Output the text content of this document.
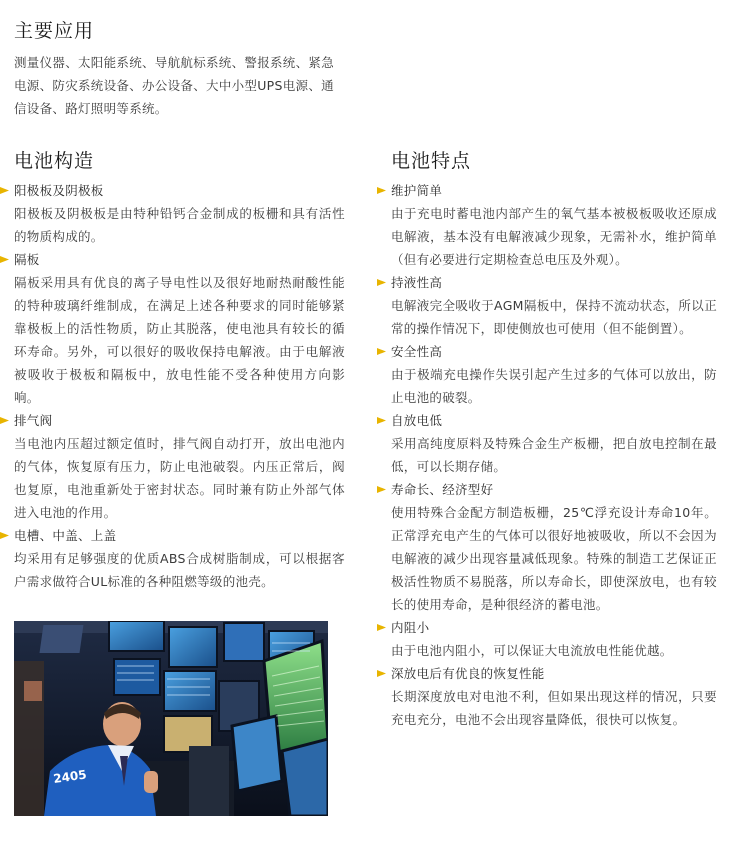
主要应用

测量仪器、太阳能系统、导航航标系统、警报系统、紧急电源、防灾系统设备、办公设备、大中小型UPS电源、通信设备、路灯照明等系统。

电池构造	电池特点
阳极板及阴极板
阳极板及阴极板是由特种铅钙合金制成的板栅和具有活性的物质构成的。
隔板
隔板采用具有优良的离子导电性以及很好地耐热耐酸性能的特种玻璃纤维制成，在满足上述各种要求的同时能够紧靠极板上的活性物质，防止其脱落，使电池具有较长的循环寿命。另外，可以很好的吸收保持电解液。由于电解液被吸收于极板和隔板中，放电性能不受各种使用方向影响。
排气阀
当电池内压超过额定值时，排气阀自动打开，放出电池内的气体，恢复原有压力，防止电池破裂。内压正常后，阀也复原，电池重新处于密封状态。同时兼有防止外部气体进入电池的作用。
电槽、中盖、上盖
均采用有足够强度的优质ABS合成树脂制成，可以根据客户需求做符合UL标准的各种阻燃等级的池壳。
维护简单
由于充电时蓄电池内部产生的氧气基本被极板吸收还原成电解液，基本没有电解液减少现象，无需补水，维护简单（但有必要进行定期检查总电压及外观）。
持液性高
电解液完全吸收于AGM隔板中，保持不流动状态，所以正常的操作情况下，即使侧放也可使用（但不能倒置）。
安全性高
由于极端充电操作失误引起产生过多的气体可以放出，防止电池的破裂。
自放电低
采用高纯度原料及特殊合金生产板栅，把自放电控制在最低，可以长期存储。
寿命长、经济型好
使用特殊合金配方制造板栅，25℃浮充设计寿命10年。正常浮充电产生的气体可以很好地被吸收，所以不会因为电解液的减少出现容量减低现象。特殊的制造工艺保证正极活性物质不易脱落，所以寿命长，即使深放电，也有较长的使用寿命，是种很经济的蓄电池。
内阻小
由于电池内阻小，可以保证大电流放电性能优越。
深放电后有优良的恢复性能
长期深度放电对电池不利，但如果出现这样的情况，只要充电充分，电池不会出现容量降低，很快可以恢复。
2405
